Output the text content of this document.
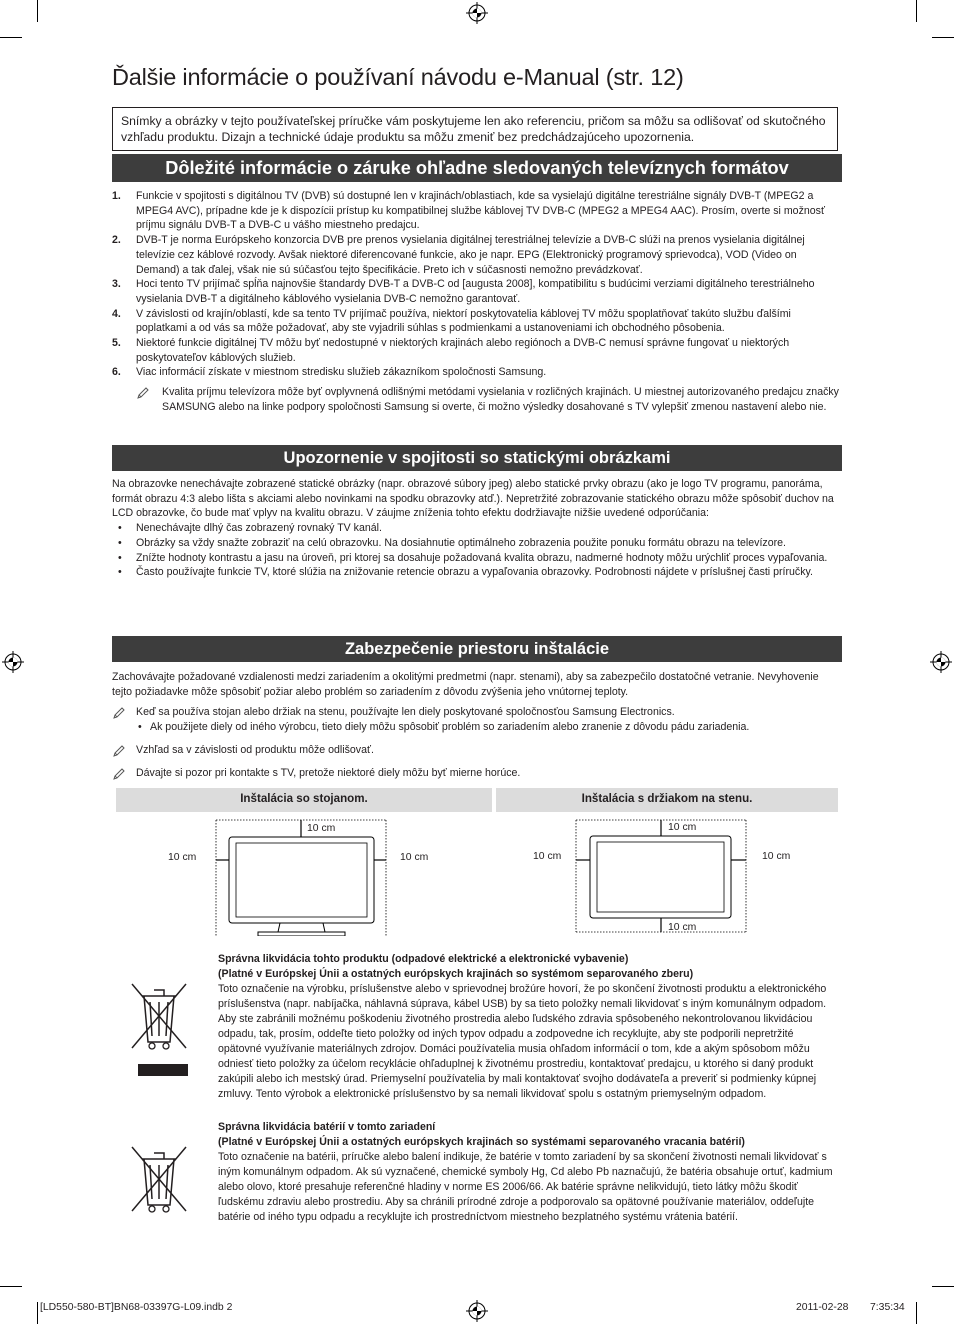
Ďalšie informácie o používaní návodu e-Manual (str. 12)
Snímky a obrázky v tejto používateľskej príručke vám poskytujeme len ako referenciu, pričom sa môžu sa odlišovať od skutočného vzhľadu produktu. Dizajn a technické údaje produktu sa môžu zmeniť bez predchádzajúceho upozornenia.
Dôležité informácie o záruke ohľadne sledovaných televíznych formátov
1. Funkcie v spojitosti s digitálnou TV (DVB) sú dostupné len v krajinách/oblastiach, kde sa vysielajú digitálne terestriálne signály DVB-T (MPEG2 a MPEG4 AVC), prípadne kde je k dispozícii prístup ku kompatibilnej službe káblovej TV DVB-C (MPEG2 a MPEG4 AAC). Prosím, overte si možnosť príjmu signálu DVB-T a DVB-C u vášho miestneho predajcu.
2. DVB-T je norma Európskeho konzorcia DVB pre prenos vysielania digitálnej terestriálnej televízie a DVB-C slúži na prenos vysielania digitálnej televízie cez káblové rozvody. Avšak niektoré diferencované funkcie, ako je napr. EPG (Elektronický programový sprievodca), VOD (Video on Demand) a tak ďalej, však nie sú súčasťou tejto špecifikácie. Preto ich v súčasnosti nemožno prevádzkovať.
3. Hoci tento TV prijímač spĺňa najnovšie štandardy DVB-T a DVB-C od [augusta 2008], kompatibilitu s budúcimi verziami digitálneho terestriálneho vysielania DVB-T a digitálneho káblového vysielania DVB-C nemožno garantovať.
4. V závislosti od krajín/oblastí, kde sa tento TV prijímač používa, niektorí poskytovatelia káblovej TV môžu spoplatňovať takúto službu ďalšími poplatkami a od vás sa môže požadovať, aby ste vyjadrili súhlas s podmienkami a ustanoveniami ich obchodného pôsobenia.
5. Niektoré funkcie digitálnej TV môžu byť nedostupné v niektorých krajinách alebo regiónoch a DVB-C nemusí správne fungovať u niektorých poskytovateľov káblových služieb.
6. Viac informácií získate v miestnom stredisku služieb zákazníkom spoločnosti Samsung.
Kvalita príjmu televízora môže byť ovplyvnená odlišnými metódami vysielania v rozličných krajinách. U miestnej autorizovaného predajcu značky SAMSUNG alebo na linke podpory spoločnosti Samsung si overte, či možno výsledky dosahované s TV vylepšiť zmenou nastavení alebo nie.
Upozornenie v spojitosti so statickými obrázkami
Na obrazovke nenechávajte zobrazené statické obrázky (napr. obrazové súbory jpeg) alebo statické prvky obrazu (ako je logo TV programu, panoráma, formát obrazu 4:3 alebo lišta s akciami alebo novinkami na spodku obrazovky atď.). Nepretržité zobrazovanie statického obrazu môže spôsobiť duchov na LCD obrazovke, čo bude mať vplyv na kvalitu obrazu. V záujme zníženia tohto efektu dodržiavajte nižšie uvedené odporúčania:
• Nenechávajte dlhý čas zobrazený rovnaký TV kanál.
• Obrázky sa vždy snažte zobraziť na celú obrazovku. Na dosiahnutie optimálneho zobrazenia použite ponuku formátu obrazu na televízore.
• Znížte hodnoty kontrastu a jasu na úroveň, pri ktorej sa dosahuje požadovaná kvalita obrazu, nadmerné hodnoty môžu urýchliť proces vypaľovania.
• Často používajte funkcie TV, ktoré slúžia na znižovanie retencie obrazu a vypaľovania obrazovky. Podrobnosti nájdete v príslušnej časti príručky.
Zabezpečenie priestoru inštalácie
Zachovávajte požadované vzdialenosti medzi zariadením a okolitými predmetmi (napr. stenami), aby sa zabezpečilo dostatočné vetranie. Nevyhovenie tejto požiadavke môže spôsobiť požiar alebo problém so zariadením z dôvodu zvýšenia jeho vnútornej teploty.
Keď sa používa stojan alebo držiak na stenu, používajte len diely poskytované spoločnosťou Samsung Electronics.
• Ak použijete diely od iného výrobcu, tieto diely môžu spôsobiť problém so zariadením alebo zranenie z dôvodu pádu zariadenia.
Vzhľad sa v závislosti od produktu môže odlišovať.
Dávajte si pozor pri kontakte s TV, pretože niektoré diely môžu byť mierne horúce.
Inštalácia so stojanom.	Inštalácia s držiakom na stenu.
10 cm
10 cm	10 cm
10 cm
10 cm	10 cm
10 cm
Správna likvidácia tohto produktu (odpadové elektrické a elektronické vybavenie)
(Platné v Európskej Únii a ostatných európskych krajinách so systémom separovaného zberu)
Toto označenie na výrobku, príslušenstve alebo v sprievodnej brožúre hovorí, že po skončení životnosti produktu a elektronického príslušenstva (napr. nabíjačka, náhlavná súprava, kábel USB) by sa tieto položky nemali likvidovať s iným komunálnym odpadom. Aby ste zabránili možnému poškodeniu životného prostredia alebo ľudského zdravia spôsobeného nekontrolovanou likvidáciou odpadu, tak, prosím, oddeľte tieto položky od iných typov odpadu a zodpovedne ich recyklujte, aby ste podporili nepretržité opätovné využívanie materiálnych zdrojov. Domáci používatelia musia ohľadom informácií o tom, kde a akým spôsobom môžu odniesť tieto položky za účelom recyklácie ohľaduplnej k životnému prostrediu, kontaktovať predajcu, u ktorého si daný produkt zakúpili alebo ich mestský úrad. Priemyselní používatelia by mali kontaktovať svojho dodávateľa a preveriť si podmienky kúpnej zmluvy. Tento výrobok a elektronické príslušenstvo by sa nemali likvidovať spolu s ostatným priemyselným odpadom.
Správna likvidácia batérií v tomto zariadení
(Platné v Európskej Únii a ostatných európskych krajinách so systémami separovaného vracania batérií)
Toto označenie na batérii, príručke alebo balení indikuje, že batérie v tomto zariadení by sa skončení životnosti nemali likvidovať s iným komunálnym odpadom. Ak sú vyznačené, chemické symboly Hg, Cd alebo Pb naznačujú, že batéria obsahuje ortuť, kadmium alebo olovo, ktoré presahuje referenčné hladiny v norme ES 2006/66. Ak batérie správne nelikvidujú, tieto látky môžu škodiť ľudskému zdraviu alebo prostrediu. Aby sa chránili prírodné zdroje a podporovalo sa opätovné používanie materiálov, oddeľujte batérie od iného typu odpadu a recyklujte ich prostredníctvom miestneho bezplatného systému vrátenia batérií.
[LD550-580-BT]BN68-03397G-L09.indb 2	2011-02-28 7:35:34
